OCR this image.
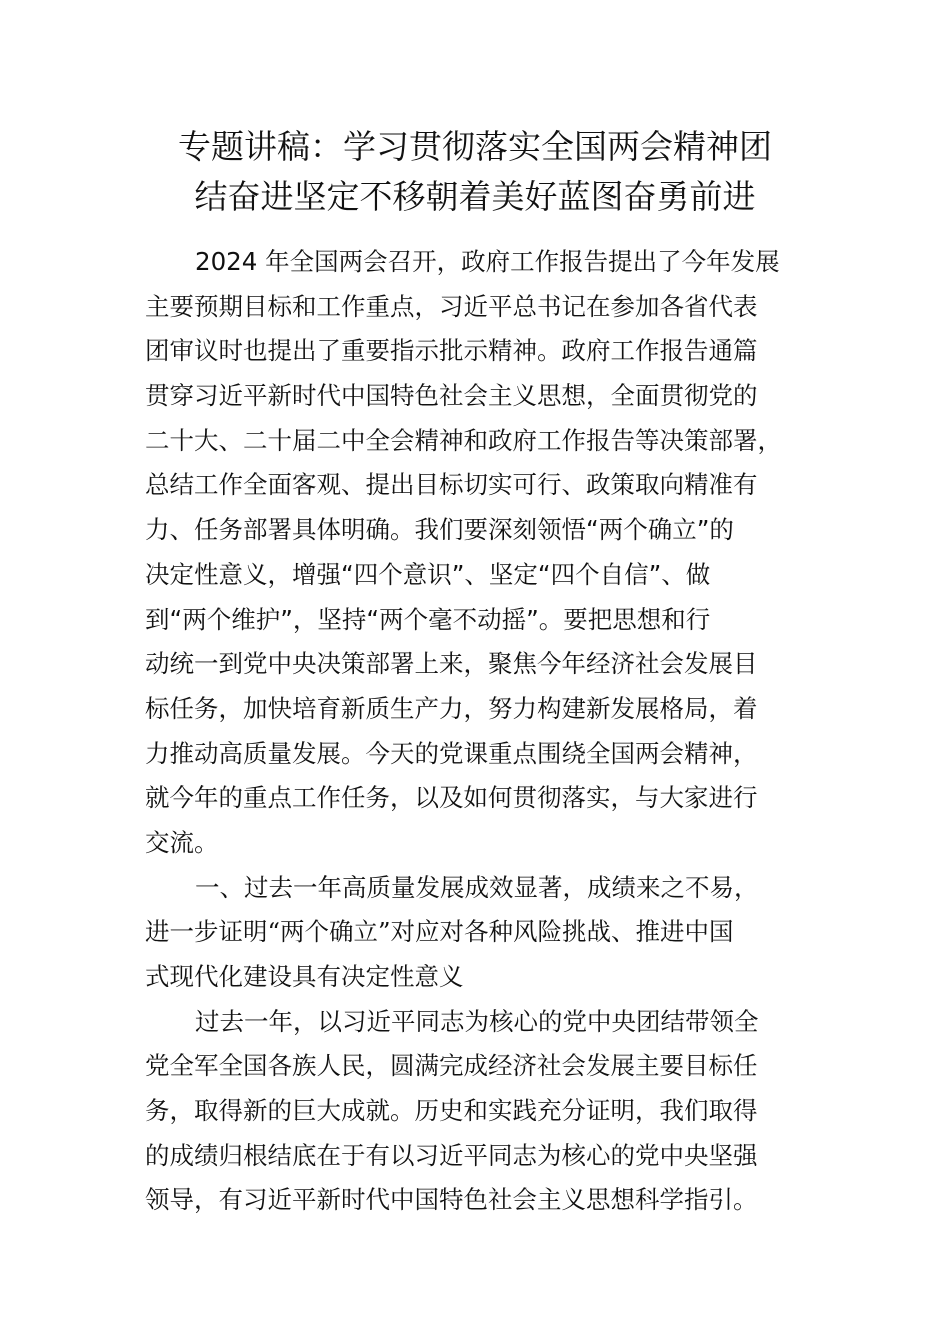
专题讲稿：学习贯彻落实全国两会精神团
结奋进坚定不移朝着美好蓝图奋勇前进
2024 年全国两会召开，政府工作报告提出了今年发展
主要预期目标和工作重点，习近平总书记在参加各省代表
团审议时也提出了重要指示批示精神。政府工作报告通篇
贯穿习近平新时代中国特色社会主义思想，全面贯彻党的
二十大、二十届二中全会精神和政府工作报告等决策部署，
总结工作全面客观、提出目标切实可行、政策取向精准有
力、任务部署具体明确。我们要深刻领悟“两个确立”的
决定性意义，增强“四个意识”、坚定“四个自信”、做
到“两个维护”，坚持“两个毫不动摇”。要把思想和行
动统一到党中央决策部署上来，聚焦今年经济社会发展目
标任务，加快培育新质生产力，努力构建新发展格局，着
力推动高质量发展。今天的党课重点围绕全国两会精神，
就今年的重点工作任务，以及如何贯彻落实，与大家进行
交流。
一、过去一年高质量发展成效显著，成绩来之不易，
进一步证明“两个确立”对应对各种风险挑战、推进中国
式现代化建设具有决定性意义
过去一年，以习近平同志为核心的党中央团结带领全
党全军全国各族人民，圆满完成经济社会发展主要目标任
务，取得新的巨大成就。历史和实践充分证明，我们取得
的成绩归根结底在于有以习近平同志为核心的党中央坚强
领导，有习近平新时代中国特色社会主义思想科学指引。
